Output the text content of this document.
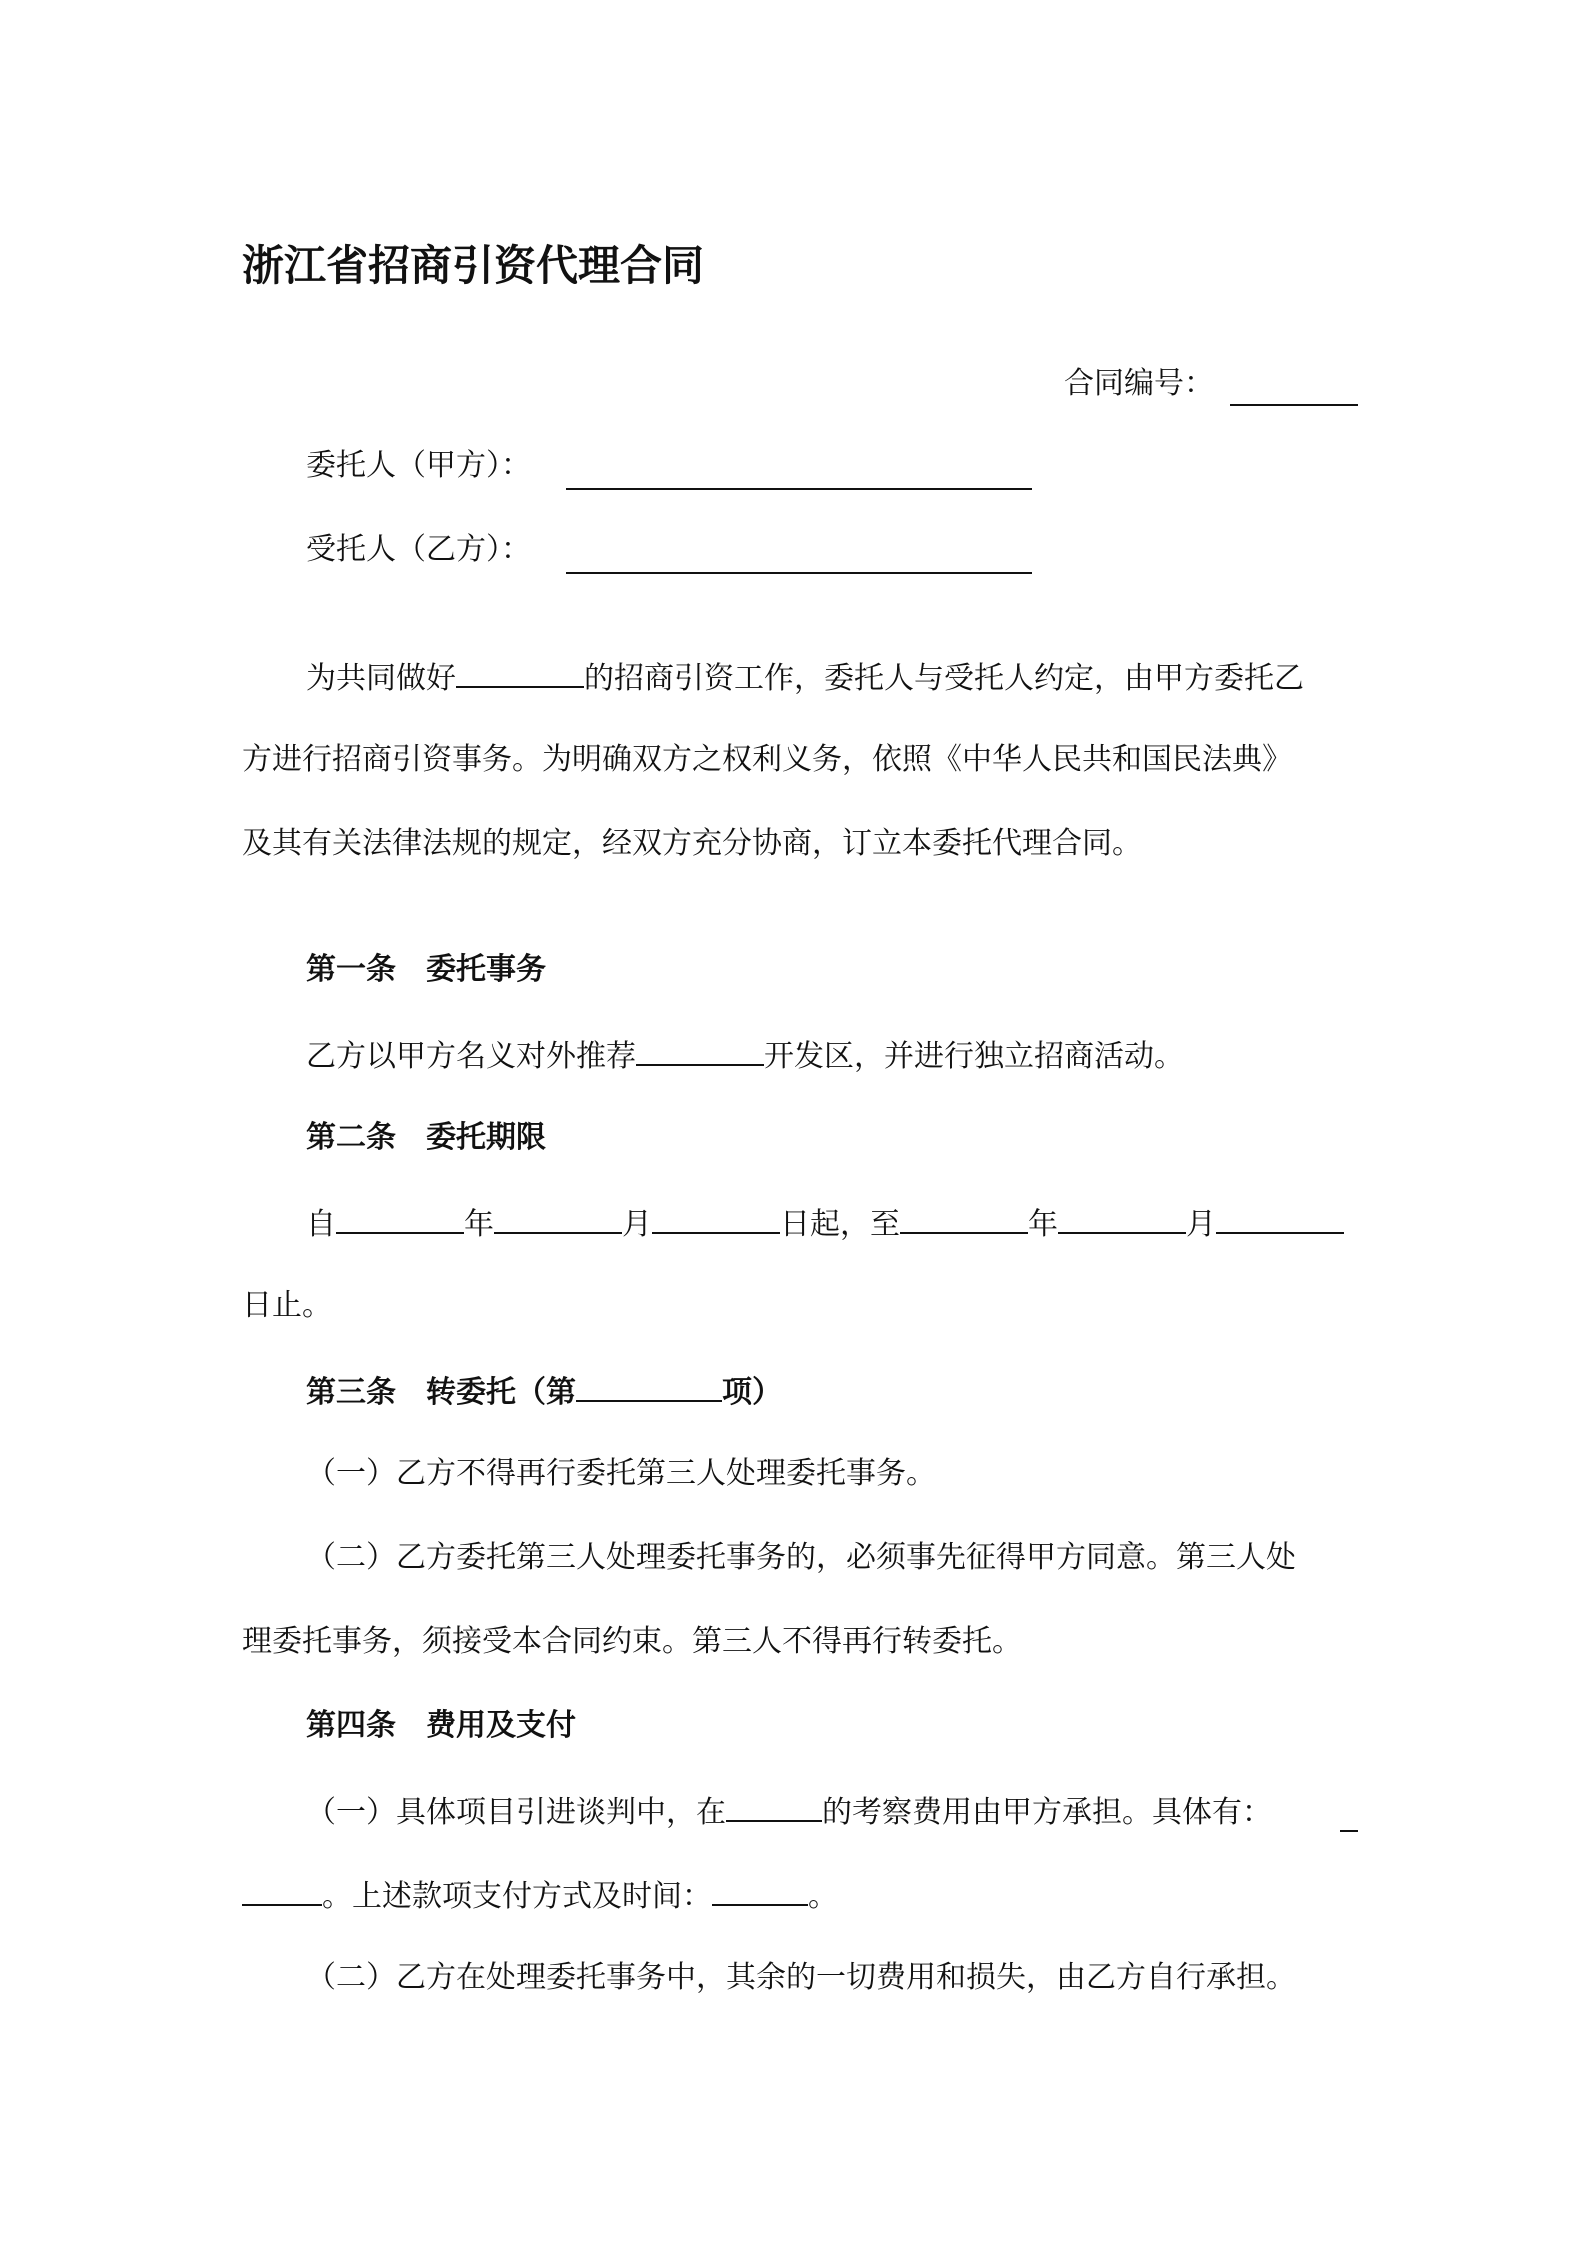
浙江省招商引资代理合同
合同编号：
委托人（甲方）：
受托人（乙方）：
为共同做好	的招商引资工作，委托人与受托人约定，由甲方委托乙
方进行招商引资事务。为明确双方之权利义务，依照《中华人民共和国民法典》
及其有关法律法规的规定，经双方充分协商，订立本委托代理合同。
第一条　委托事务
乙方以甲方名义对外推荐	开发区，并进行独立招商活动。
第二条　委托期限
自	年	月	日起，至	年	月
日止。
第三条　转委托（第	项）
（一）乙方不得再行委托第三人处理委托事务。
（二）乙方委托第三人处理委托事务的，必须事先征得甲方同意。第三人处
理委托事务，须接受本合同约束。第三人不得再行转委托。
第四条　费用及支付
（一）具体项目引进谈判中，在	的考察费用由甲方承担。具体有：
。上述款项支付方式及时间：	。
（二）乙方在处理委托事务中，其余的一切费用和损失，由乙方自行承担。
